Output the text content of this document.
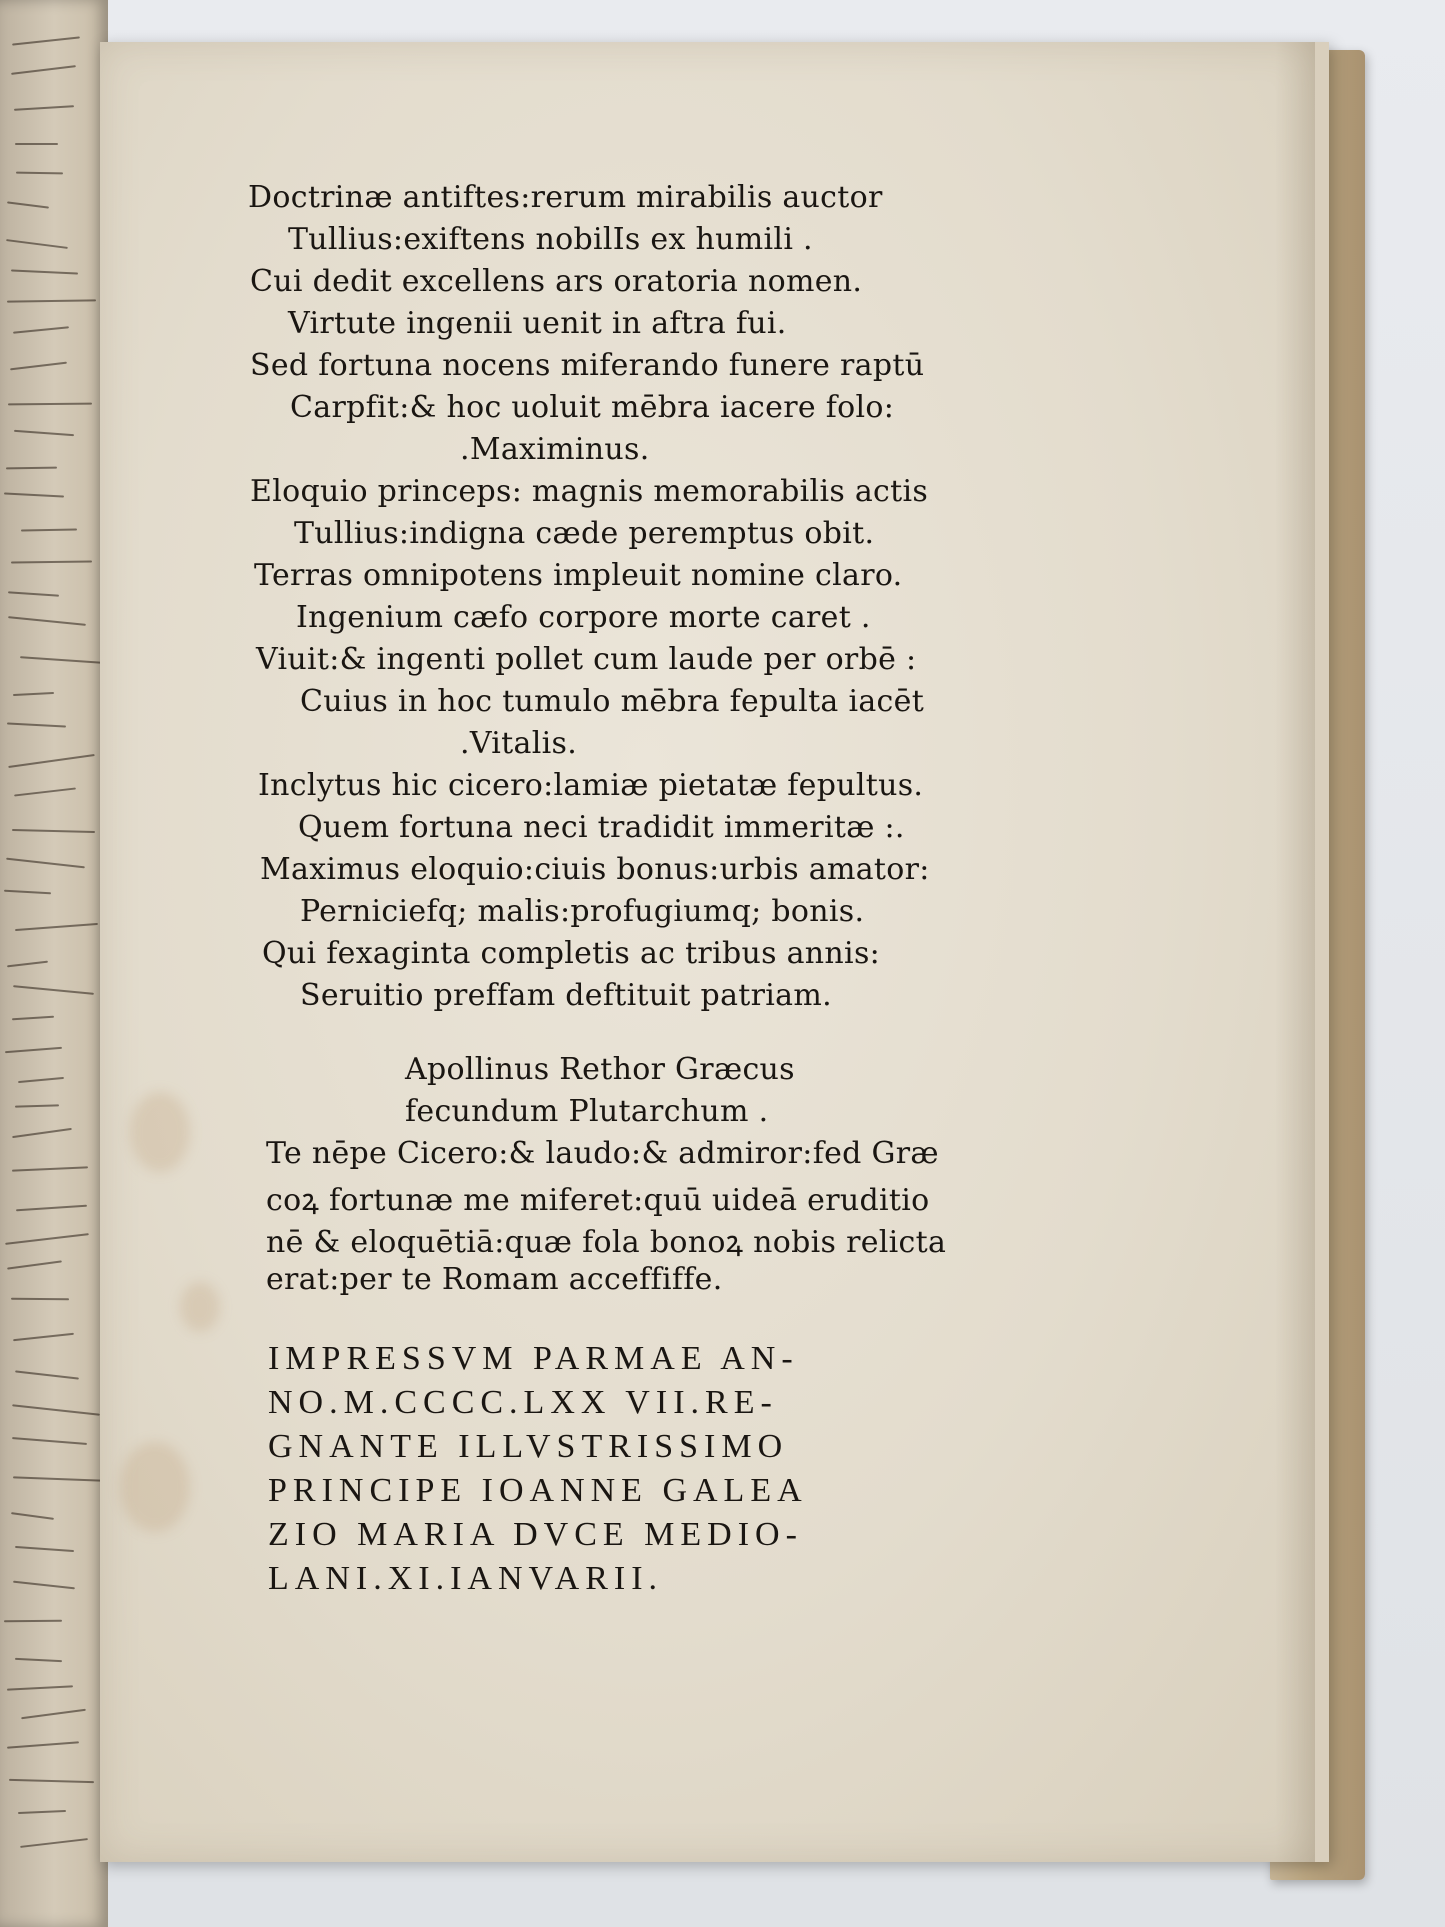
Doctrinæ antiftes:rerum mirabilis auctor
Tullius:exiftens nobilIs ex humili .
Cui dedit excellens ars oratoria nomen.
Virtute ingenii uenit in aftra fui.
Sed fortuna nocens miferando funere raptū
Carpfit:& hoc uoluit mēbra iacere folo:
.Maximinus.
Eloquio princeps: magnis memorabilis actis
Tullius:indigna cæde peremptus obit.
Terras omnipotens impleuit nomine claro.
Ingenium cæfo corpore morte caret .
Viuit:& ingenti pollet cum laude per orbē :
Cuius in hoc tumulo mēbra fepulta iacēt
.Vitalis.
Inclytus hic cicero:lamiæ pietatæ fepultus.
Quem fortuna neci tradidit immeritæ :.
Maximus eloquio:ciuis bonus:urbis amator:
Perniciefq; malis:profugiumq; bonis.
Qui fexaginta completis ac tribus annis:
Seruitio preffam deftituit patriam.
Apollinus Rethor Græcus
fecundum Plutarchum .
Te nēpe Cicero:& laudo:& admiror:fed Græ
coꝝ fortunæ me miferet:quū uideā eruditio
nē & eloquētiā:quæ fola bonoꝝ nobis relicta
erat:per te Romam acceffiffe.
IMPRESSVM PARMAE AN-
NO.M.CCCC.LXX VII.RE-
GNANTE ILLVSTRISSIMO
PRINCIPE IOANNE GALEA
ZIO MARIA DVCE MEDIO-
LANI.XI.IANVARII.
